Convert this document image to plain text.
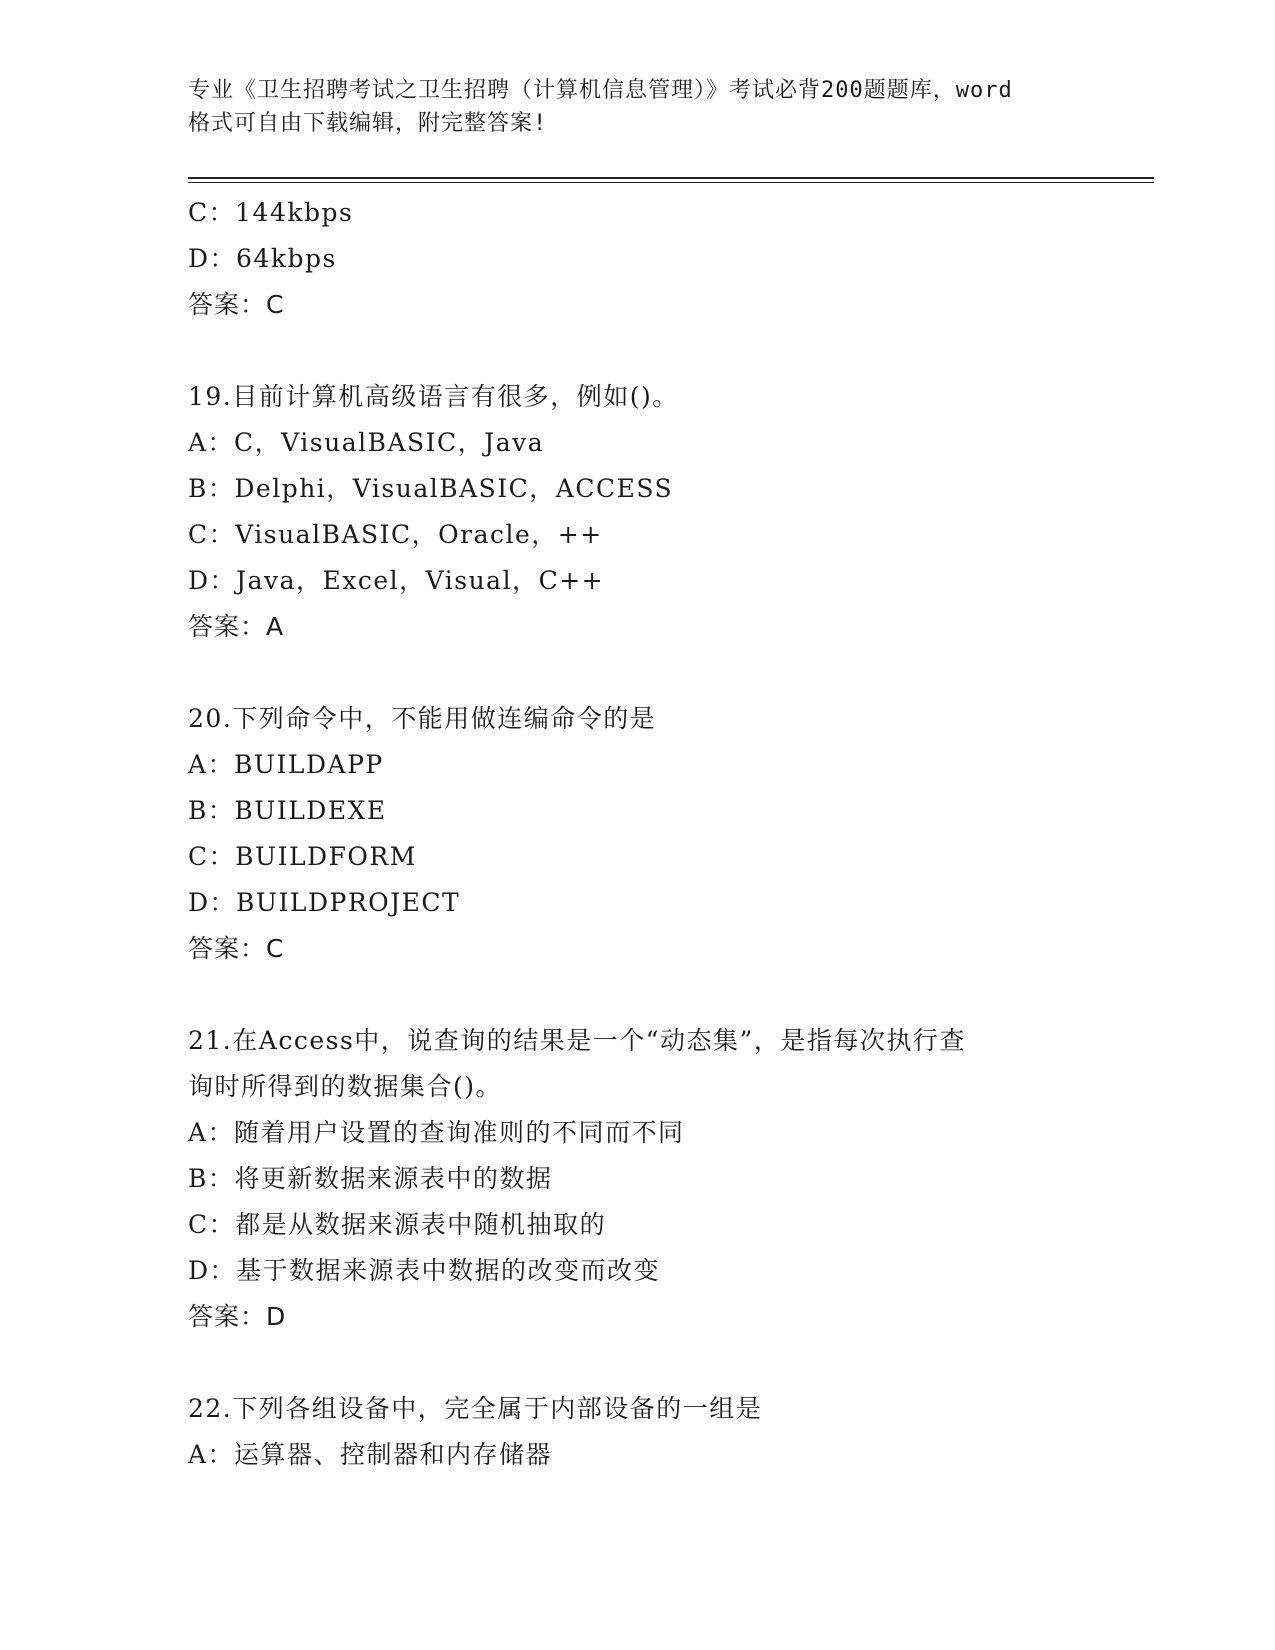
专业《卫生招聘考试之卫生招聘（计算机信息管理）》考试必背200题题库，word
格式可自由下载编辑，附完整答案!
C：144kbps
D：64kbps
答案：C
19.目前计算机高级语言有很多，例如()。
A：C，VisualBASIC，Java
B：Delphi，VisualBASIC，ACCESS
C：VisualBASIC，Oracle，++
D：Java，Excel，Visual，C++
答案：A
20.下列命令中，不能用做连编命令的是
A：BUILDAPP
B：BUILDEXE
C：BUILDFORM
D：BUILDPROJECT
答案：C
21.在Access中，说查询的结果是一个“动态集”，是指每次执行查
询时所得到的数据集合()。
A：随着用户设置的查询准则的不同而不同
B：将更新数据来源表中的数据
C：都是从数据来源表中随机抽取的
D：基于数据来源表中数据的改变而改变
答案：D
22.下列各组设备中，完全属于内部设备的一组是
A：运算器、控制器和内存储器
